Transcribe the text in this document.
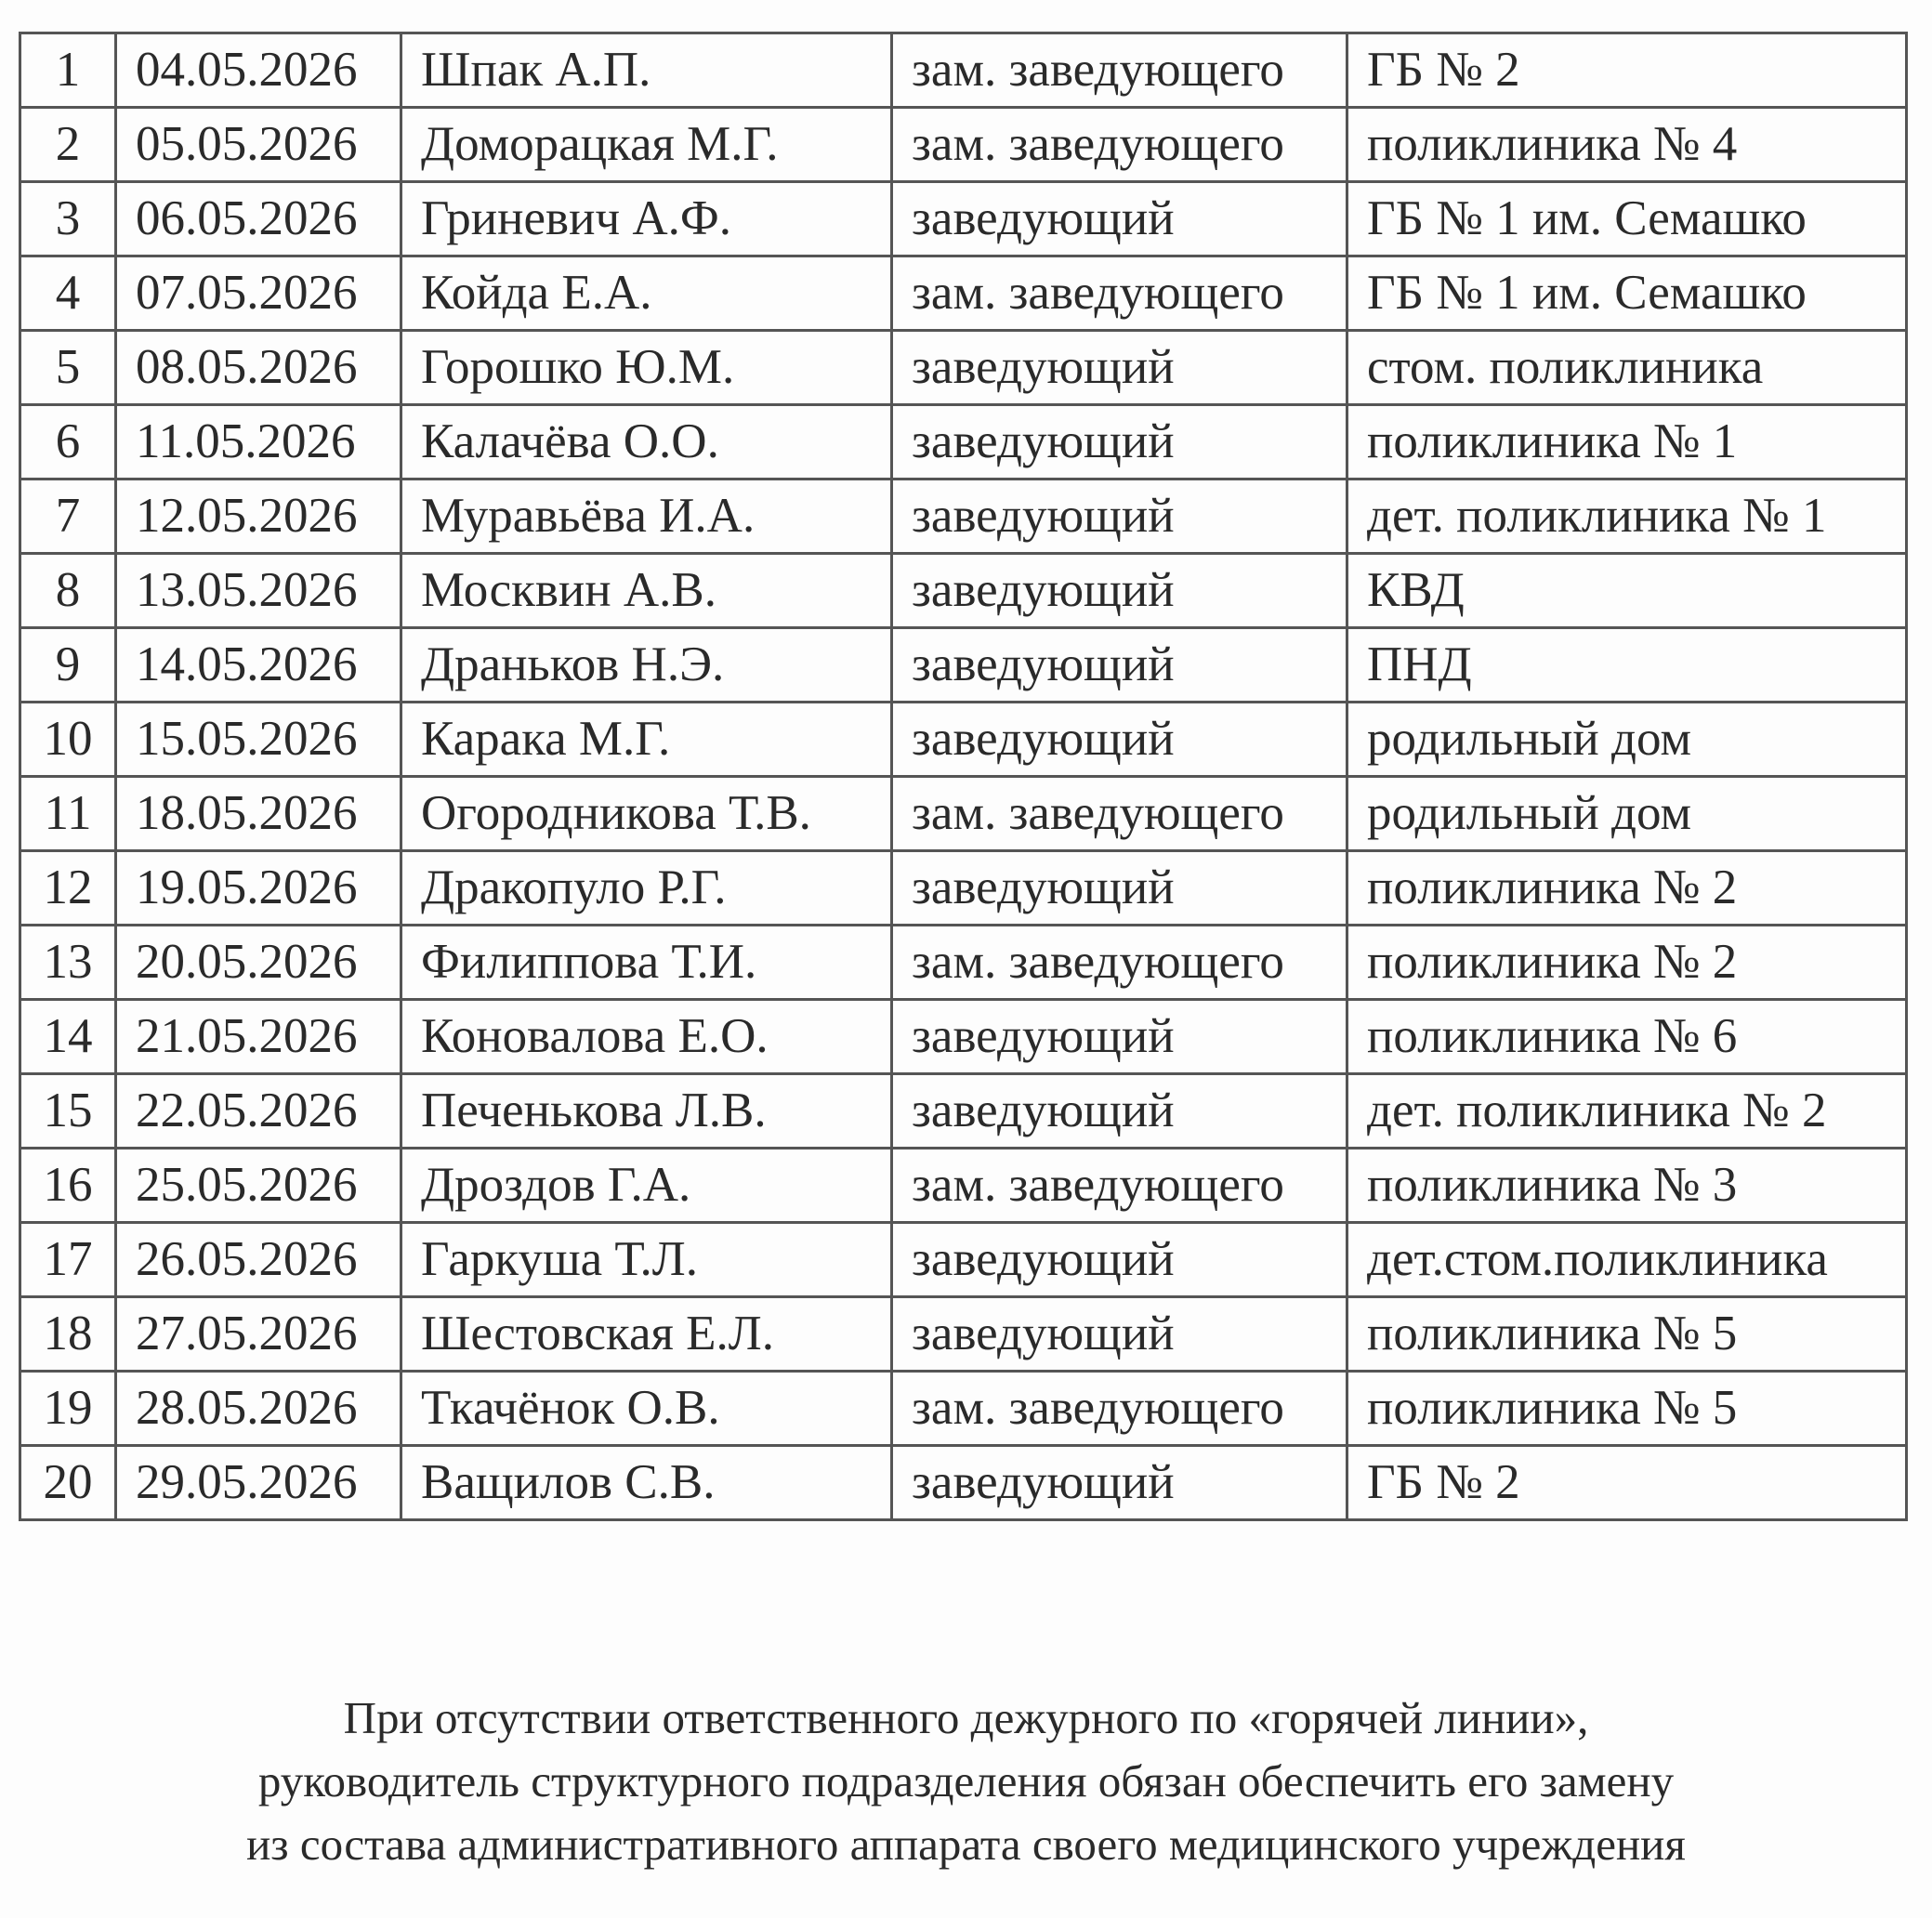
1	04.05.2026	Шпак А.П.	зам. заведующего	ГБ № 2
2	05.05.2026	Доморацкая М.Г.	зам. заведующего	поликлиника № 4
3	06.05.2026	Гриневич А.Ф.	заведующий	ГБ № 1 им. Семашко
4	07.05.2026	Койда Е.А.	зам. заведующего	ГБ № 1 им. Семашко
5	08.05.2026	Горошко Ю.М.	заведующий	стом. поликлиника
6	11.05.2026	Калачёва О.О.	заведующий	поликлиника № 1
7	12.05.2026	Муравьёва И.А.	заведующий	дет. поликлиника № 1
8	13.05.2026	Москвин А.В.	заведующий	КВД
9	14.05.2026	Драньков Н.Э.	заведующий	ПНД
10	15.05.2026	Карака М.Г.	заведующий	родильный дом
11	18.05.2026	Огородникова Т.В.	зам. заведующего	родильный дом
12	19.05.2026	Дракопуло Р.Г.	заведующий	поликлиника № 2
13	20.05.2026	Филиппова Т.И.	зам. заведующего	поликлиника № 2
14	21.05.2026	Коновалова Е.О.	заведующий	поликлиника № 6
15	22.05.2026	Печенькова Л.В.	заведующий	дет. поликлиника № 2
16	25.05.2026	Дроздов Г.А.	зам. заведующего	поликлиника № 3
17	26.05.2026	Гаркуша Т.Л.	заведующий	дет.стом.поликлиника
18	27.05.2026	Шестовская Е.Л.	заведующий	поликлиника № 5
19	28.05.2026	Ткачёнок О.В.	зам. заведующего	поликлиника № 5
20	29.05.2026	Ващилов С.В.	заведующий	ГБ № 2
При отсутствии ответственного дежурного по «горячей линии»,
руководитель структурного подразделения обязан обеспечить его замену
из состава административного аппарата своего медицинского учреждения
